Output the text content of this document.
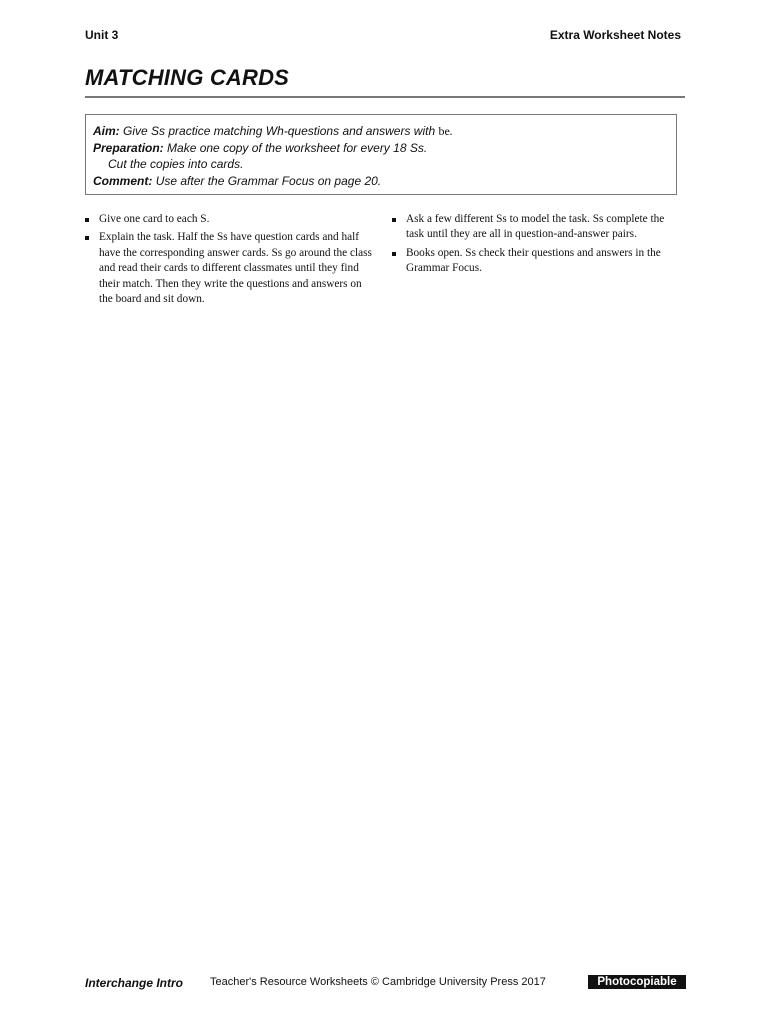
Unit 3	Extra Worksheet Notes
MATCHING CARDS
Aim: Give Ss practice matching Wh-questions and answers with be.
Preparation: Make one copy of the worksheet for every 18 Ss.
Cut the copies into cards.
Comment: Use after the Grammar Focus on page 20.
Give one card to each S.
Explain the task. Half the Ss have question cards and half have the corresponding answer cards. Ss go around the class and read their cards to different classmates until they find their match. Then they write the questions and answers on the board and sit down.
Ask a few different Ss to model the task. Ss complete the task until they are all in question-and-answer pairs.
Books open. Ss check their questions and answers in the Grammar Focus.
Interchange Intro Teacher's Resource Worksheets © Cambridge University Press 2017	Photocopiable
